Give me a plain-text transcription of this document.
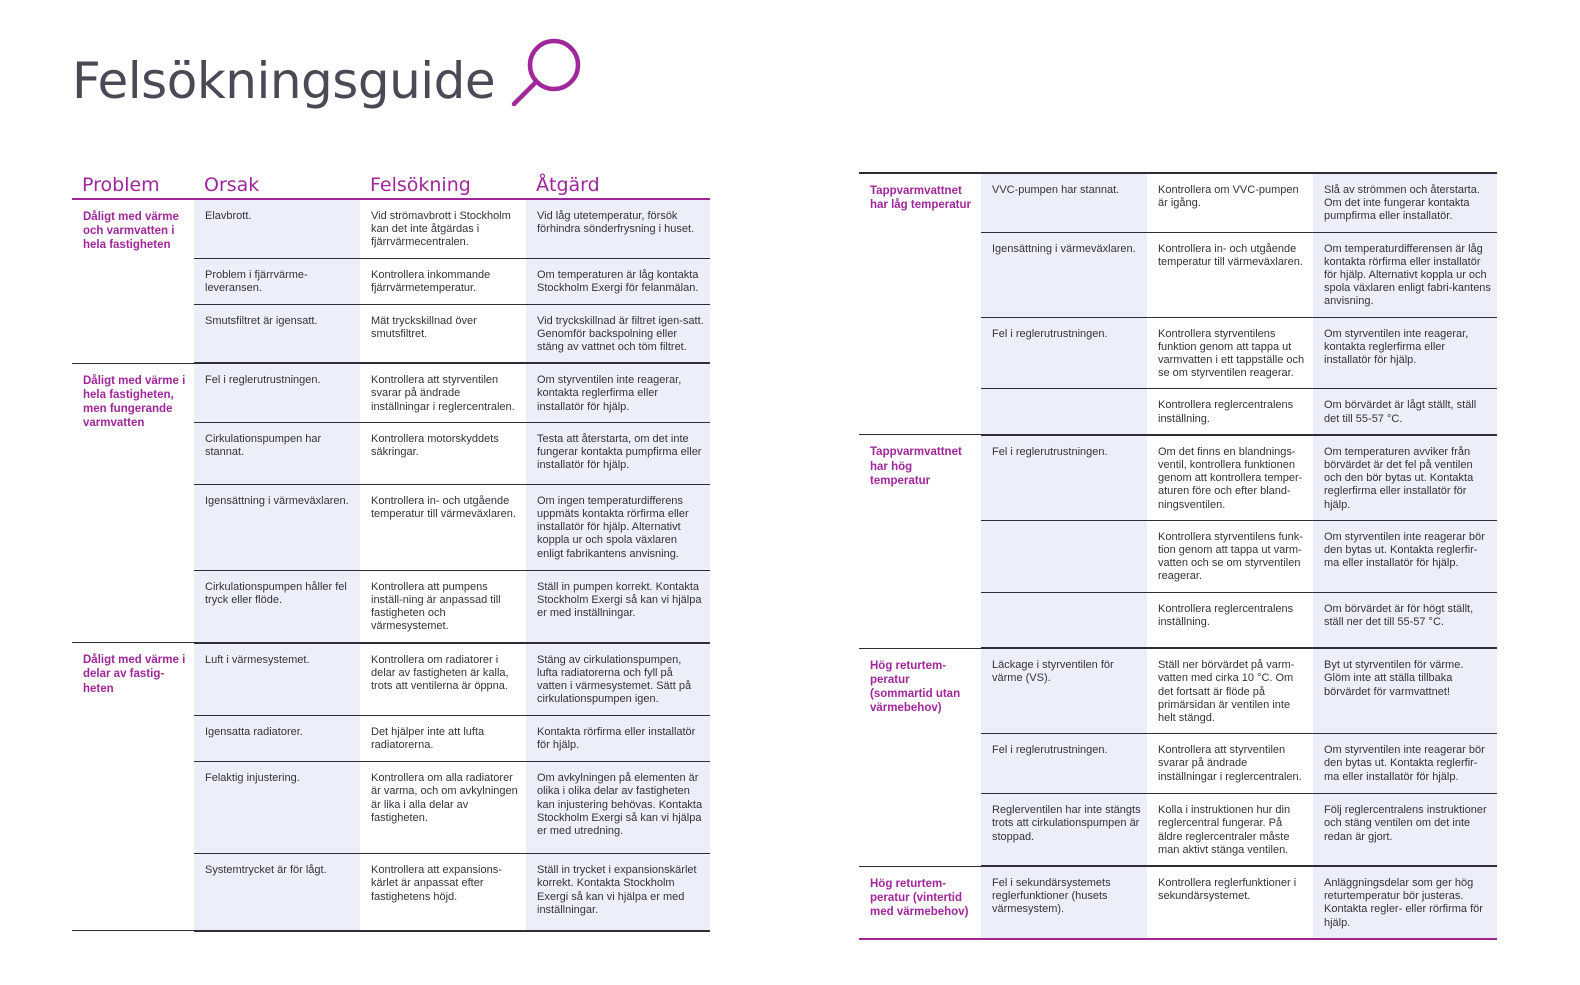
Felsökningsguide
Problem	Orsak	Felsökning	Åtgärd
Dåligt med värme och varmvatten i hela fastigheten	Elavbrott.	Vid strömavbrott i Stockholm kan det inte åtgärdas i fjärrvärmecentralen.	Vid låg utetemperatur, försök förhindra sönderfrysning i huset.
	Problem i fjärrvärme-leveransen.	Kontrollera inkommande fjärrvärmetemperatur.	Om temperaturen är låg kontakta Stockholm Exergi för felanmälan.
	Smutsfiltret är igensatt.	Mät tryckskillnad över smutsfiltret.	Vid tryckskillnad är filtret igen-satt. Genomför backspolning eller stäng av vattnet och töm filtret.
Dåligt med värme i hela fastigheten, men fungerande varmvatten	Fel i reglerutrustningen.	Kontrollera att styrventilen svarar på ändrade inställningar i reglercentralen.	Om styrventilen inte reagerar, kontakta reglerfirma eller installatör för hjälp.
	Cirkulationspumpen har stannat.	Kontrollera motorskyddets säkringar.	Testa att återstarta, om det inte fungerar kontakta pumpfirma eller installatör för hjälp.
	Igensättning i värmeväxlaren.	Kontrollera in- och utgående temperatur till värmeväxlaren.	Om ingen temperaturdifferens uppmäts kontakta rörfirma eller installatör för hjälp. Alternativt koppla ur och spola växlaren enligt fabrikantens anvisning.
	Cirkulationspumpen håller fel tryck eller flöde.	Kontrollera att pumpens inställ-ning är anpassad till fastigheten och värmesystemet.	Ställ in pumpen korrekt. Kontakta Stockholm Exergi så kan vi hjälpa er med inställningar.
Dåligt med värme i delar av fastig-heten	Luft i värmesystemet.	Kontrollera om radiatorer i delar av fastigheten är kalla, trots att ventilerna är öppna.	Stäng av cirkulationspumpen, lufta radiatorerna och fyll på vatten i värmesystemet. Sätt på cirkulationspumpen igen.
	Igensatta radiatorer.	Det hjälper inte att lufta radiatorerna.	Kontakta rörfirma eller installatör för hjälp.
	Felaktig injustering.	Kontrollera om alla radiatorer är varma, och om avkylningen är lika i alla delar av fastigheten.	Om avkylningen på elementen är olika i olika delar av fastigheten kan injustering behövas. Kontakta Stockholm Exergi så kan vi hjälpa er med utredning.
	Systemtrycket är för lågt.	Kontrollera att expansions-kärlet är anpassat efter fastighetens höjd.	Ställ in trycket i expansionskärlet korrekt. Kontakta Stockholm Exergi så kan vi hjälpa er med inställningar.
Tappvarmvattnet har låg temperatur	VVC-pumpen har stannat.	Kontrollera om VVC-pumpen är igång.	Slå av strömmen och återstarta. Om det inte fungerar kontakta pumpfirma eller installatör.
	Igensättning i värmeväxlaren.	Kontrollera in- och utgående temperatur till värmeväxlaren.	Om temperaturdifferensen är låg kontakta rörfirma eller installatör för hjälp. Alternativt koppla ur och spola växlaren enligt fabri-kantens anvisning.
	Fel i reglerutrustningen.	Kontrollera styrventilens funktion genom att tappa ut varmvatten i ett tappställe och se om styrventilen reagerar.	Om styrventilen inte reagerar, kontakta reglerfirma eller installatör för hjälp.
		Kontrollera reglercentralens inställning.	Om börvärdet är lågt ställt, ställ det till 55-57 °C.
Tappvarmvattnet har hög temperatur	Fel i reglerutrustningen.	Om det finns en blandnings-ventil, kontrollera funktionen genom att kontrollera temper-aturen före och efter bland-ningsventilen.	Om temperaturen avviker från börvärdet är det fel på ventilen och den bör bytas ut. Kontakta reglerfirma eller installatör för hjälp.
		Kontrollera styrventilens funk-tion genom att tappa ut varm-vatten och se om styrventilen reagerar.	Om styrventilen inte reagerar bör den bytas ut. Kontakta reglerfir-ma eller installatör för hjälp.
		Kontrollera reglercentralens inställning.	Om börvärdet är för högt ställt, ställ ner det till 55-57 °C.
Hög returtem-peratur (sommartid utan värmebehov)	Läckage i styrventilen för värme (VS).	Ställ ner börvärdet på varm-vatten med cirka 10 °C. Om det fortsatt är flöde på primärsidan är ventilen inte helt stängd.	Byt ut styrventilen för värme. Glöm inte att ställa tillbaka börvärdet för varmvattnet!
	Fel i reglerutrustningen.	Kontrollera att styrventilen svarar på ändrade inställningar i reglercentralen.	Om styrventilen inte reagerar bör den bytas ut. Kontakta reglerfir-ma eller installatör för hjälp.
	Reglerventilen har inte stängts trots att cirkulationspumpen är stoppad.	Kolla i instruktionen hur din reglercentral fungerar. På äldre reglercentraler måste man aktivt stänga ventilen.	Följ reglercentralens instruktioner och stäng ventilen om det inte redan är gjort.
Hög returtem-peratur (vintertid med värmebehov)	Fel i sekundärsystemets reglerfunktioner (husets värmesystem).	Kontrollera reglerfunktioner i sekundärsystemet.	Anläggningsdelar som ger hög returtemperatur bör justeras. Kontakta regler- eller rörfirma för hjälp.
